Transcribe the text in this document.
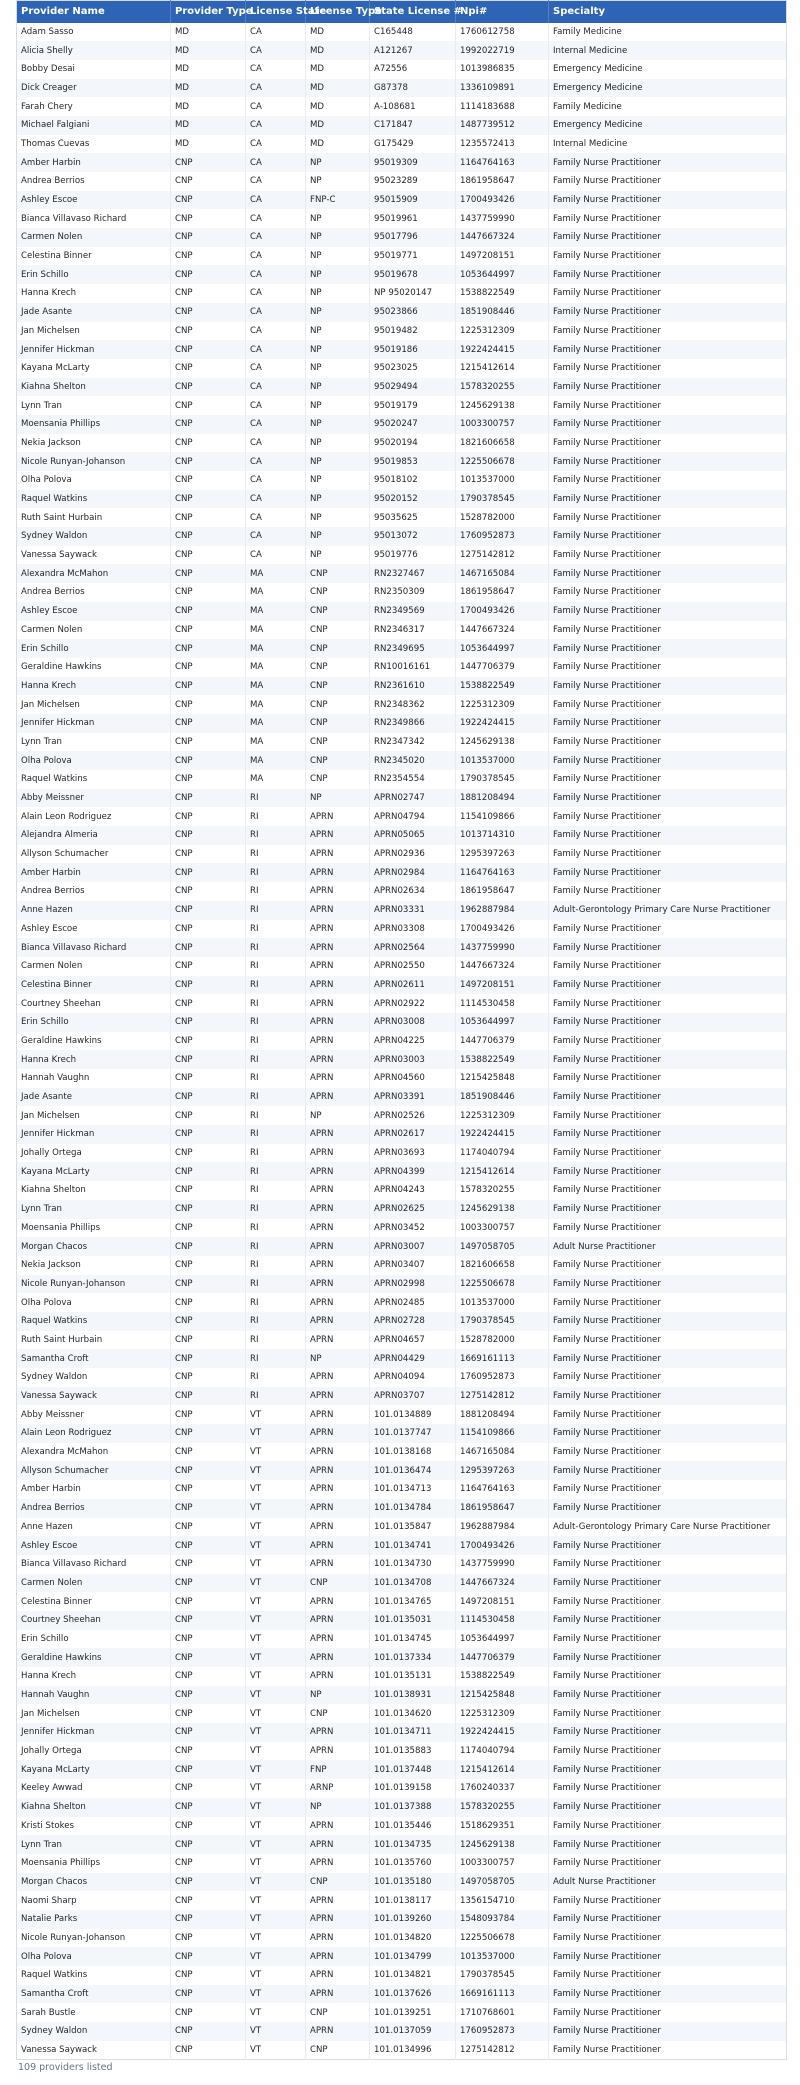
Provider Name	Provider Type	License State	License Type	State License #	Npi#	Specialty
Adam Sasso	MD	CA	MD	C165448	1760612758	Family Medicine
Alicia Shelly	MD	CA	MD	A121267	1992022719	Internal Medicine
Bobby Desai	MD	CA	MD	A72556	1013986835	Emergency Medicine
Dick Creager	MD	CA	MD	G87378	1336109891	Emergency Medicine
Farah Chery	MD	CA	MD	A-108681	1114183688	Family Medicine
Michael Falgiani	MD	CA	MD	C171847	1487739512	Emergency Medicine
Thomas Cuevas	MD	CA	MD	G175429	1235572413	Internal Medicine
Amber Harbin	CNP	CA	NP	95019309	1164764163	Family Nurse Practitioner
Andrea Berrios	CNP	CA	NP	95023289	1861958647	Family Nurse Practitioner
Ashley Escoe	CNP	CA	FNP-C	95015909	1700493426	Family Nurse Practitioner
Bianca Villavaso Richard	CNP	CA	NP	95019961	1437759990	Family Nurse Practitioner
Carmen Nolen	CNP	CA	NP	95017796	1447667324	Family Nurse Practitioner
Celestina Binner	CNP	CA	NP	95019771	1497208151	Family Nurse Practitioner
Erin Schillo	CNP	CA	NP	95019678	1053644997	Family Nurse Practitioner
Hanna Krech	CNP	CA	NP	NP 95020147	1538822549	Family Nurse Practitioner
Jade Asante	CNP	CA	NP	95023866	1851908446	Family Nurse Practitioner
Jan Michelsen	CNP	CA	NP	95019482	1225312309	Family Nurse Practitioner
Jennifer Hickman	CNP	CA	NP	95019186	1922424415	Family Nurse Practitioner
Kayana McLarty	CNP	CA	NP	95023025	1215412614	Family Nurse Practitioner
Kiahna Shelton	CNP	CA	NP	95029494	1578320255	Family Nurse Practitioner
Lynn Tran	CNP	CA	NP	95019179	1245629138	Family Nurse Practitioner
Moensania Phillips	CNP	CA	NP	95020247	1003300757	Family Nurse Practitioner
Nekia Jackson	CNP	CA	NP	95020194	1821606658	Family Nurse Practitioner
Nicole Runyan-Johanson	CNP	CA	NP	95019853	1225506678	Family Nurse Practitioner
Olha Polova	CNP	CA	NP	95018102	1013537000	Family Nurse Practitioner
Raquel Watkins	CNP	CA	NP	95020152	1790378545	Family Nurse Practitioner
Ruth Saint Hurbain	CNP	CA	NP	95035625	1528782000	Family Nurse Practitioner
Sydney Waldon	CNP	CA	NP	95013072	1760952873	Family Nurse Practitioner
Vanessa Saywack	CNP	CA	NP	95019776	1275142812	Family Nurse Practitioner
Alexandra McMahon	CNP	MA	CNP	RN2327467	1467165084	Family Nurse Practitioner
Andrea Berrios	CNP	MA	CNP	RN2350309	1861958647	Family Nurse Practitioner
Ashley Escoe	CNP	MA	CNP	RN2349569	1700493426	Family Nurse Practitioner
Carmen Nolen	CNP	MA	CNP	RN2346317	1447667324	Family Nurse Practitioner
Erin Schillo	CNP	MA	CNP	RN2349695	1053644997	Family Nurse Practitioner
Geraldine Hawkins	CNP	MA	CNP	RN10016161	1447706379	Family Nurse Practitioner
Hanna Krech	CNP	MA	CNP	RN2361610	1538822549	Family Nurse Practitioner
Jan Michelsen	CNP	MA	CNP	RN2348362	1225312309	Family Nurse Practitioner
Jennifer Hickman	CNP	MA	CNP	RN2349866	1922424415	Family Nurse Practitioner
Lynn Tran	CNP	MA	CNP	RN2347342	1245629138	Family Nurse Practitioner
Olha Polova	CNP	MA	CNP	RN2345020	1013537000	Family Nurse Practitioner
Raquel Watkins	CNP	MA	CNP	RN2354554	1790378545	Family Nurse Practitioner
Abby Meissner	CNP	RI	NP	APRN02747	1881208494	Family Nurse Practitioner
Alain Leon Rodriguez	CNP	RI	APRN	APRN04794	1154109866	Family Nurse Practitioner
Alejandra Almeria	CNP	RI	APRN	APRN05065	1013714310	Family Nurse Practitioner
Allyson Schumacher	CNP	RI	APRN	APRN02936	1295397263	Family Nurse Practitioner
Amber Harbin	CNP	RI	APRN	APRN02984	1164764163	Family Nurse Practitioner
Andrea Berrios	CNP	RI	APRN	APRN02634	1861958647	Family Nurse Practitioner
Anne Hazen	CNP	RI	APRN	APRN03331	1962887984	Adult-Gerontology Primary Care Nurse Practitioner
Ashley Escoe	CNP	RI	APRN	APRN03308	1700493426	Family Nurse Practitioner
Bianca Villavaso Richard	CNP	RI	APRN	APRN02564	1437759990	Family Nurse Practitioner
Carmen Nolen	CNP	RI	APRN	APRN02550	1447667324	Family Nurse Practitioner
Celestina Binner	CNP	RI	APRN	APRN02611	1497208151	Family Nurse Practitioner
Courtney Sheehan	CNP	RI	APRN	APRN02922	1114530458	Family Nurse Practitioner
Erin Schillo	CNP	RI	APRN	APRN03008	1053644997	Family Nurse Practitioner
Geraldine Hawkins	CNP	RI	APRN	APRN04225	1447706379	Family Nurse Practitioner
Hanna Krech	CNP	RI	APRN	APRN03003	1538822549	Family Nurse Practitioner
Hannah Vaughn	CNP	RI	APRN	APRN04560	1215425848	Family Nurse Practitioner
Jade Asante	CNP	RI	APRN	APRN03391	1851908446	Family Nurse Practitioner
Jan Michelsen	CNP	RI	NP	APRN02526	1225312309	Family Nurse Practitioner
Jennifer Hickman	CNP	RI	APRN	APRN02617	1922424415	Family Nurse Practitioner
Johally Ortega	CNP	RI	APRN	APRN03693	1174040794	Family Nurse Practitioner
Kayana McLarty	CNP	RI	APRN	APRN04399	1215412614	Family Nurse Practitioner
Kiahna Shelton	CNP	RI	APRN	APRN04243	1578320255	Family Nurse Practitioner
Lynn Tran	CNP	RI	APRN	APRN02625	1245629138	Family Nurse Practitioner
Moensania Phillips	CNP	RI	APRN	APRN03452	1003300757	Family Nurse Practitioner
Morgan Chacos	CNP	RI	APRN	APRN03007	1497058705	Adult Nurse Practitioner
Nekia Jackson	CNP	RI	APRN	APRN03407	1821606658	Family Nurse Practitioner
Nicole Runyan-Johanson	CNP	RI	APRN	APRN02998	1225506678	Family Nurse Practitioner
Olha Polova	CNP	RI	APRN	APRN02485	1013537000	Family Nurse Practitioner
Raquel Watkins	CNP	RI	APRN	APRN02728	1790378545	Family Nurse Practitioner
Ruth Saint Hurbain	CNP	RI	APRN	APRN04657	1528782000	Family Nurse Practitioner
Samantha Croft	CNP	RI	NP	APRN04429	1669161113	Family Nurse Practitioner
Sydney Waldon	CNP	RI	APRN	APRN04094	1760952873	Family Nurse Practitioner
Vanessa Saywack	CNP	RI	APRN	APRN03707	1275142812	Family Nurse Practitioner
Abby Meissner	CNP	VT	APRN	101.0134889	1881208494	Family Nurse Practitioner
Alain Leon Rodriguez	CNP	VT	APRN	101.0137747	1154109866	Family Nurse Practitioner
Alexandra McMahon	CNP	VT	APRN	101.0138168	1467165084	Family Nurse Practitioner
Allyson Schumacher	CNP	VT	APRN	101.0136474	1295397263	Family Nurse Practitioner
Amber Harbin	CNP	VT	APRN	101.0134713	1164764163	Family Nurse Practitioner
Andrea Berrios	CNP	VT	APRN	101.0134784	1861958647	Family Nurse Practitioner
Anne Hazen	CNP	VT	APRN	101.0135847	1962887984	Adult-Gerontology Primary Care Nurse Practitioner
Ashley Escoe	CNP	VT	APRN	101.0134741	1700493426	Family Nurse Practitioner
Bianca Villavaso Richard	CNP	VT	APRN	101.0134730	1437759990	Family Nurse Practitioner
Carmen Nolen	CNP	VT	CNP	101.0134708	1447667324	Family Nurse Practitioner
Celestina Binner	CNP	VT	APRN	101.0134765	1497208151	Family Nurse Practitioner
Courtney Sheehan	CNP	VT	APRN	101.0135031	1114530458	Family Nurse Practitioner
Erin Schillo	CNP	VT	APRN	101.0134745	1053644997	Family Nurse Practitioner
Geraldine Hawkins	CNP	VT	APRN	101.0137334	1447706379	Family Nurse Practitioner
Hanna Krech	CNP	VT	APRN	101.0135131	1538822549	Family Nurse Practitioner
Hannah Vaughn	CNP	VT	NP	101.0138931	1215425848	Family Nurse Practitioner
Jan Michelsen	CNP	VT	CNP	101.0134620	1225312309	Family Nurse Practitioner
Jennifer Hickman	CNP	VT	APRN	101.0134711	1922424415	Family Nurse Practitioner
Johally Ortega	CNP	VT	APRN	101.0135883	1174040794	Family Nurse Practitioner
Kayana McLarty	CNP	VT	FNP	101.0137448	1215412614	Family Nurse Practitioner
Keeley Awwad	CNP	VT	ARNP	101.0139158	1760240337	Family Nurse Practitioner
Kiahna Shelton	CNP	VT	NP	101.0137388	1578320255	Family Nurse Practitioner
Kristi Stokes	CNP	VT	APRN	101.0135446	1518629351	Family Nurse Practitioner
Lynn Tran	CNP	VT	APRN	101.0134735	1245629138	Family Nurse Practitioner
Moensania Phillips	CNP	VT	APRN	101.0135760	1003300757	Family Nurse Practitioner
Morgan Chacos	CNP	VT	CNP	101.0135180	1497058705	Adult Nurse Practitioner
Naomi Sharp	CNP	VT	APRN	101.0138117	1356154710	Family Nurse Practitioner
Natalie Parks	CNP	VT	APRN	101.0139260	1548093784	Family Nurse Practitioner
Nicole Runyan-Johanson	CNP	VT	APRN	101.0134820	1225506678	Family Nurse Practitioner
Olha Polova	CNP	VT	APRN	101.0134799	1013537000	Family Nurse Practitioner
Raquel Watkins	CNP	VT	APRN	101.0134821	1790378545	Family Nurse Practitioner
Samantha Croft	CNP	VT	APRN	101.0137626	1669161113	Family Nurse Practitioner
Sarah Bustle	CNP	VT	CNP	101.0139251	1710768601	Family Nurse Practitioner
Sydney Waldon	CNP	VT	APRN	101.0137059	1760952873	Family Nurse Practitioner
Vanessa Saywack	CNP	VT	CNP	101.0134996	1275142812	Family Nurse Practitioner
109 providers listed
